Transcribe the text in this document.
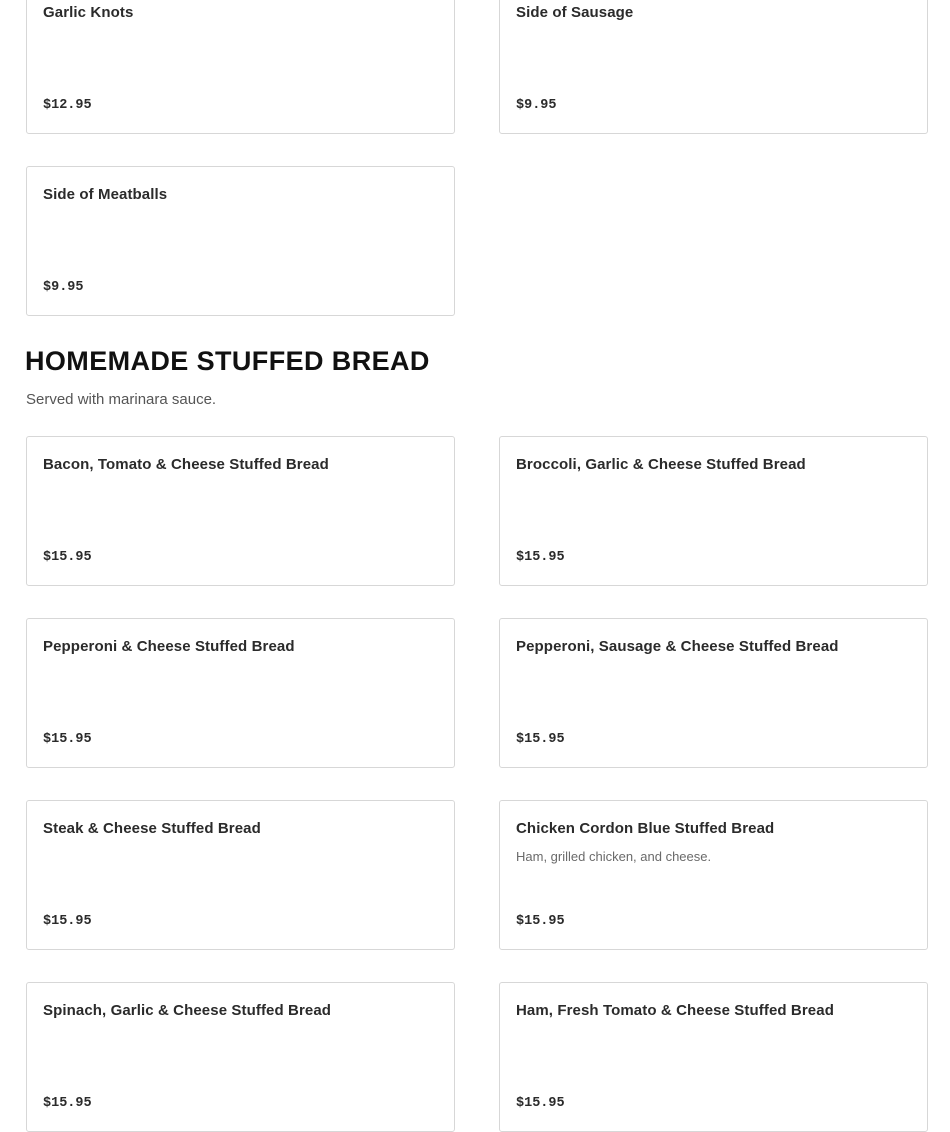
Garlic Knots
$12.95
Side of Sausage
$9.95
Side of Meatballs
$9.95
HOMEMADE STUFFED BREAD

Served with marinara sauce.

Bacon, Tomato & Cheese Stuffed Bread
$15.95
Broccoli, Garlic & Cheese Stuffed Bread
$15.95
Pepperoni & Cheese Stuffed Bread
$15.95
Pepperoni, Sausage & Cheese Stuffed Bread
$15.95
Steak & Cheese Stuffed Bread
$15.95
Chicken Cordon Blue Stuffed Bread
Ham, grilled chicken, and cheese.
$15.95
Spinach, Garlic & Cheese Stuffed Bread
$15.95
Ham, Fresh Tomato & Cheese Stuffed Bread
$15.95
